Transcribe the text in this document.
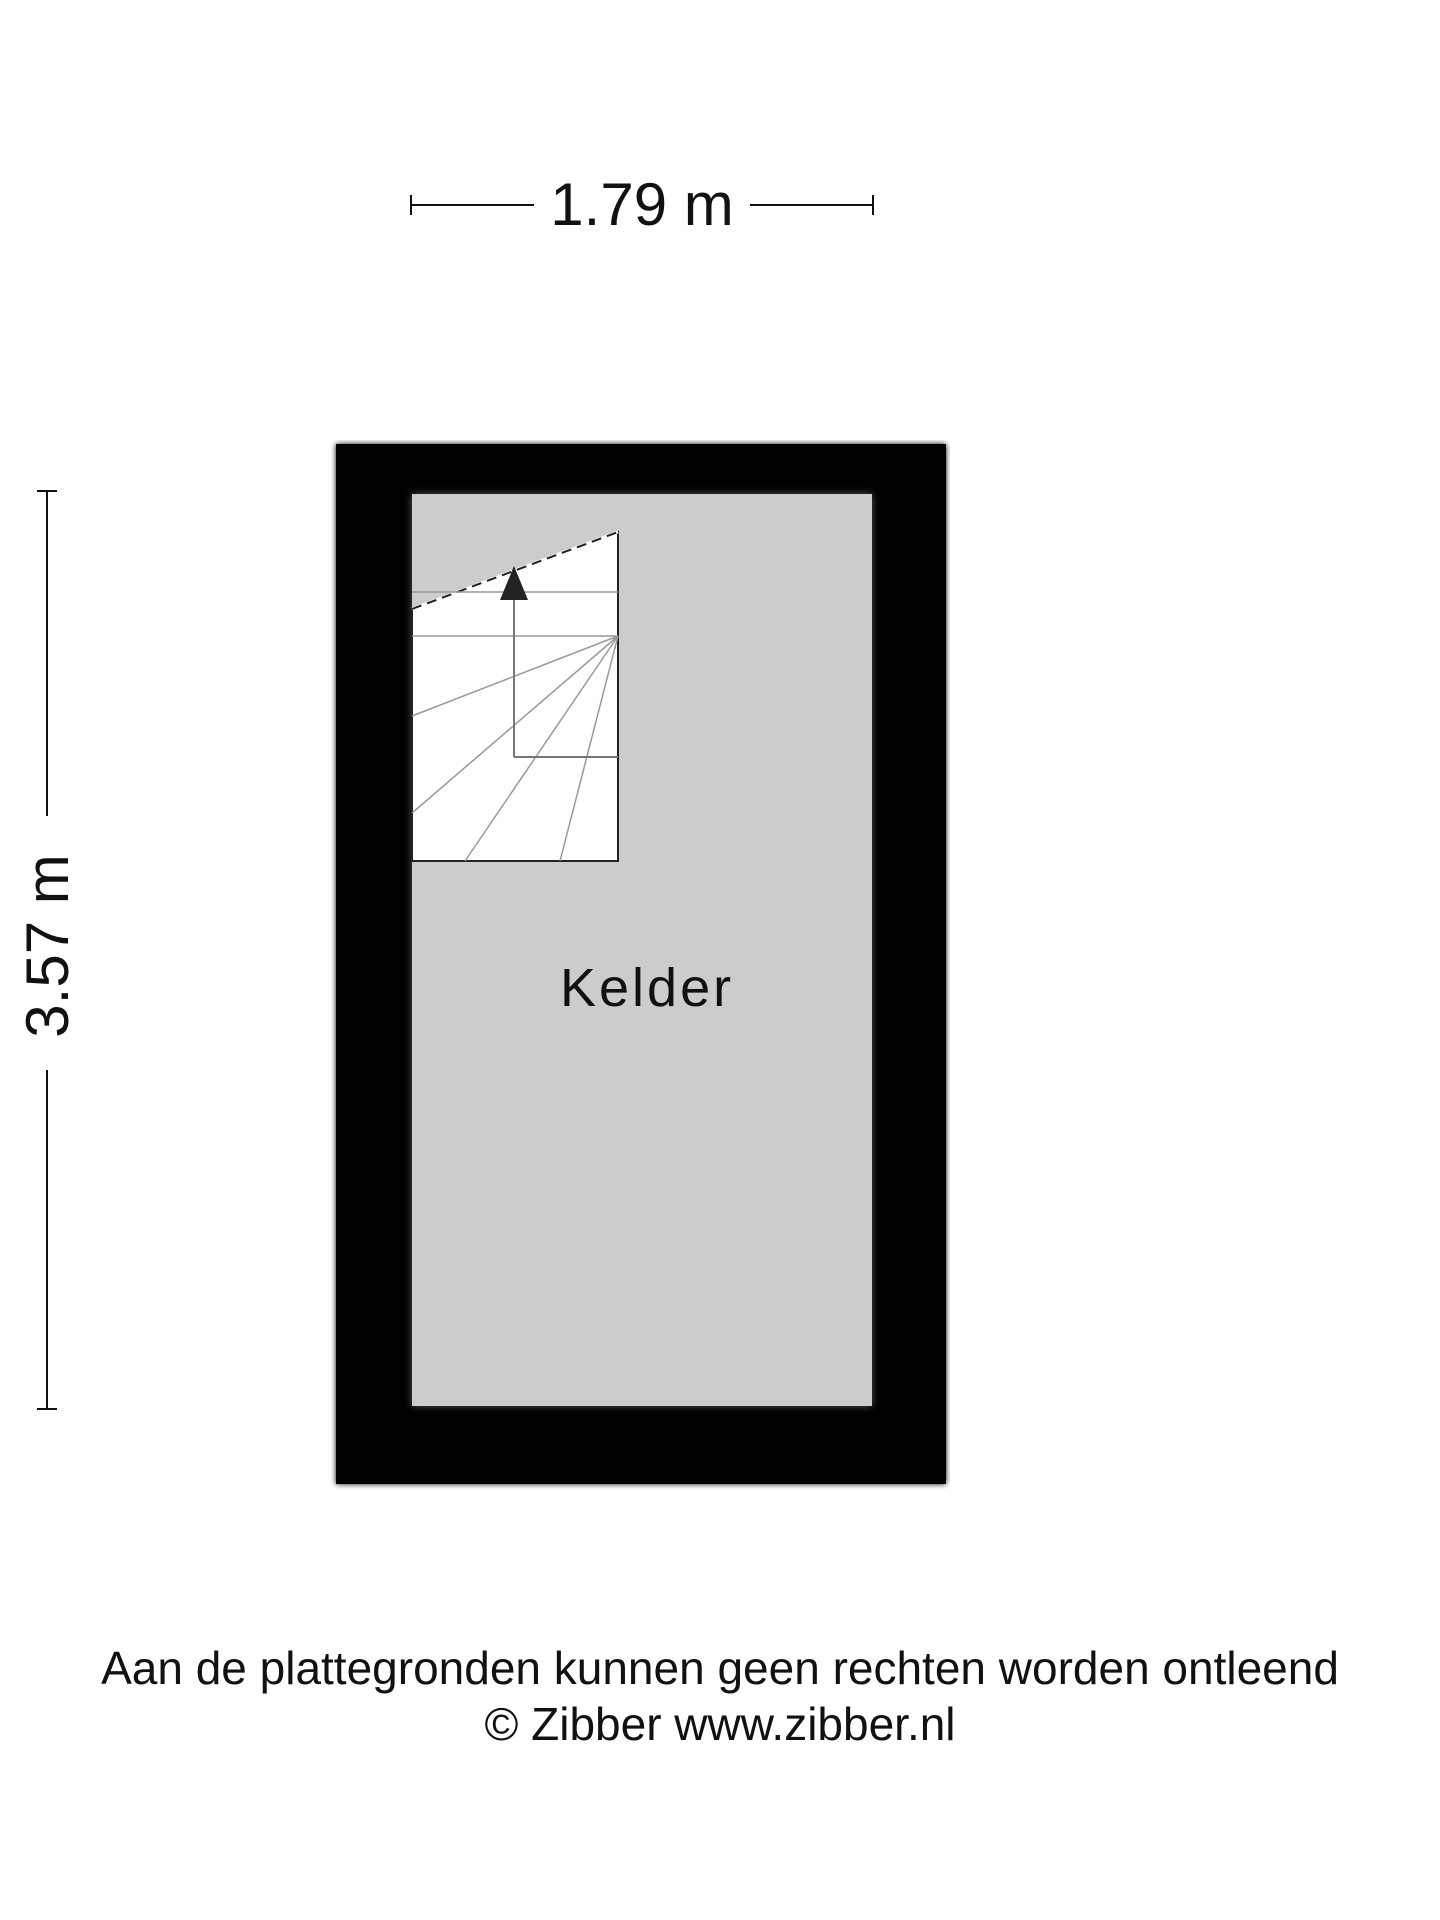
1.79 m
3.57 m	Kelder
Aan de plattegronden kunnen geen rechten worden ontleend
© Zibber www.zibber.nl
